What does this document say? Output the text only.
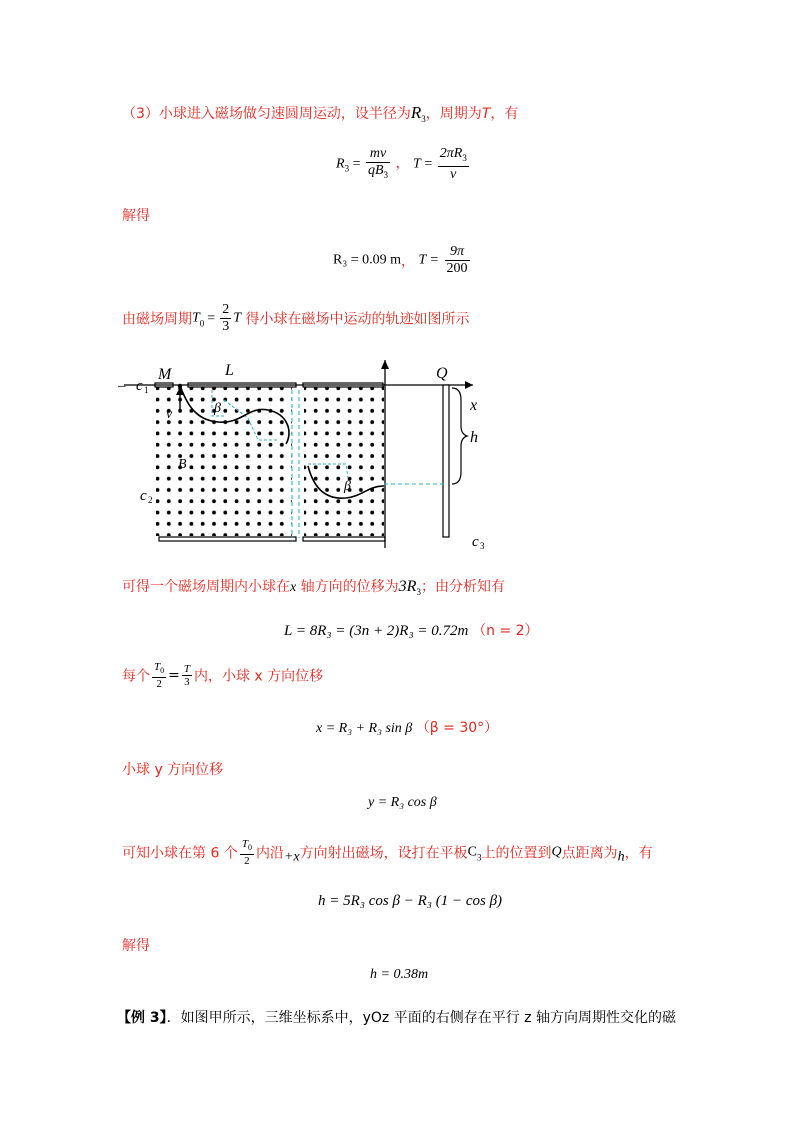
（3）小球进入磁场做匀速圆周运动，设半径为$R_3$，周期为T，有
$R_3 = \frac{mv}{qB_3}$ ， $T = \frac{2\pi R_3}{v}$
解得
R₃ = 0.09 m， $T = \frac{9\pi}{200}$
由磁场周期$T_0 = \frac{2}{3}$ T 得小球在磁场中运动的轨迹如图所示
– c 1
M	L	Q
x
h
v	β
β
B
c 2
c 3
可得一个磁场周期内小球在x 轴方向的位移为$3R_3$；由分析知有
L = 8R₃ = (3n + 2)R₃ = 0.72m （n = 2）
每个 $\frac{T_0}{2} = \frac{T}{3}$ 内，小球 x 方向位移
x = R₃ + R₃ sin β （β = 30°）
小球 y 方向位移
y = R₃ cos β
可知小球在第 6 个 $\frac{T_0}{2}$ 内沿+x方向射出磁场，设打在平板$C_3$上的位置到Q点距离为h，有
h = 5R₃ cos β − R₃ (1 − cos β)
解得
h = 0.38m
【例 3】．如图甲所示，三维坐标系中，yOz 平面的右侧存在平行 z 轴方向周期性交化的磁
